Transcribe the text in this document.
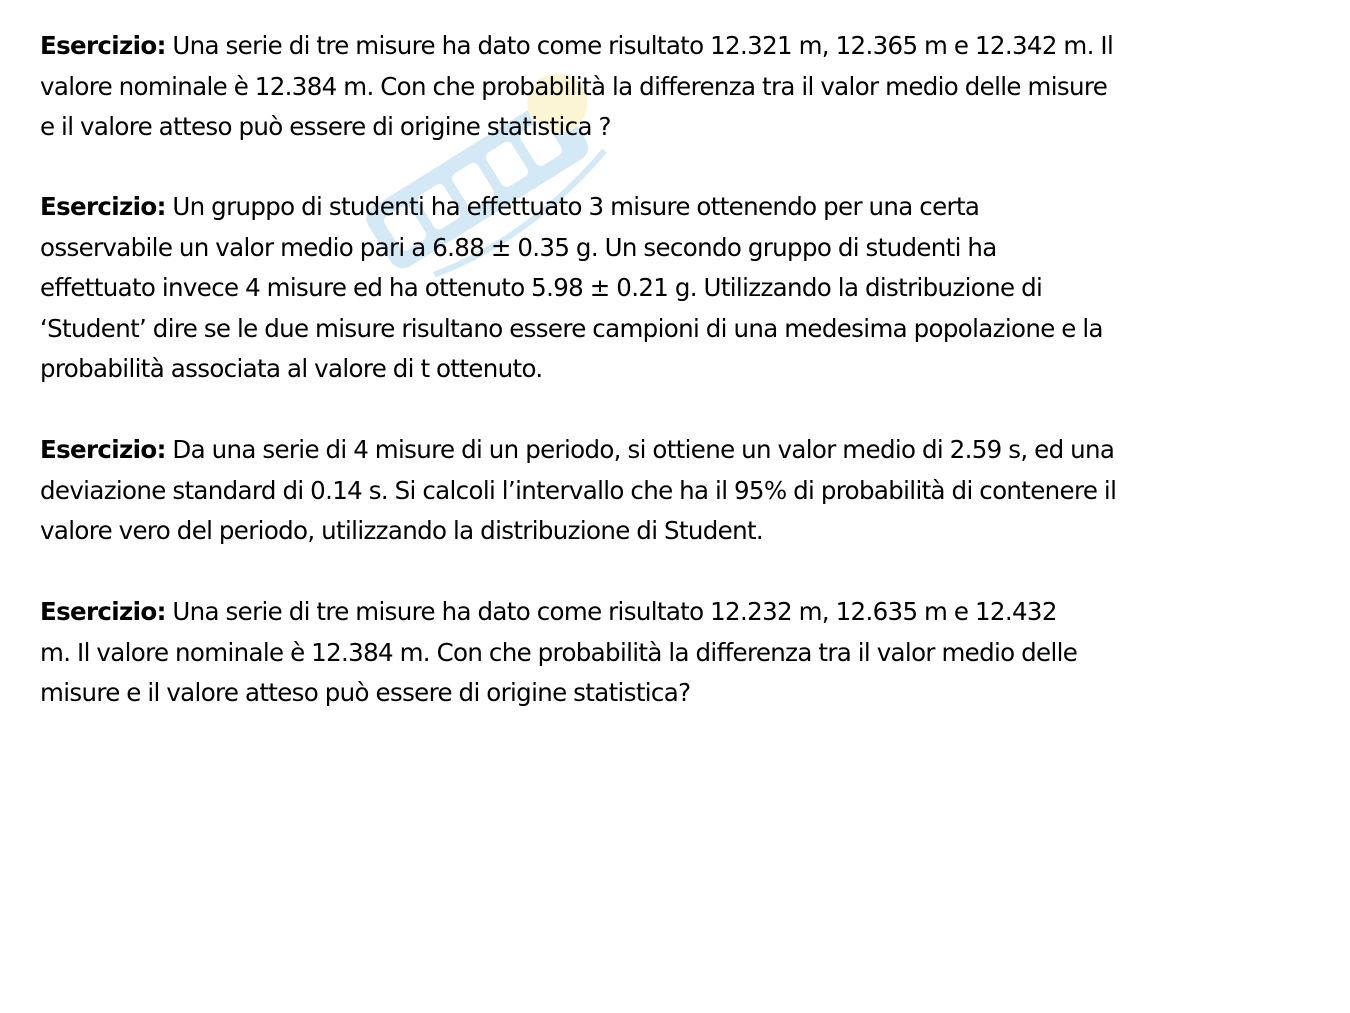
Esercizio: Una serie di tre misure ha dato come risultato 12.321 m, 12.365 m e 12.342 m. Il
valore nominale è 12.384 m. Con che probabilità la differenza tra il valor medio delle misure
e il valore atteso può essere di origine statistica ?

Esercizio: Un gruppo di studenti ha effettuato 3 misure ottenendo per una certa
osservabile un valor medio pari a 6.88 ± 0.35 g. Un secondo gruppo di studenti ha
effettuato invece 4 misure ed ha ottenuto 5.98 ± 0.21 g. Utilizzando la distribuzione di
‘Student’ dire se le due misure risultano essere campioni di una medesima popolazione e la
probabilità associata al valore di t ottenuto.

Esercizio: Da una serie di 4 misure di un periodo, si ottiene un valor medio di 2.59 s, ed una
deviazione standard di 0.14 s. Si calcoli l’intervallo che ha il 95% di probabilità di contenere il
valore vero del periodo, utilizzando la distribuzione di Student.

Esercizio: Una serie di tre misure ha dato come risultato 12.232 m, 12.635 m e 12.432
m. Il valore nominale è 12.384 m. Con che probabilità la differenza tra il valor medio delle
misure e il valore atteso può essere di origine statistica?
